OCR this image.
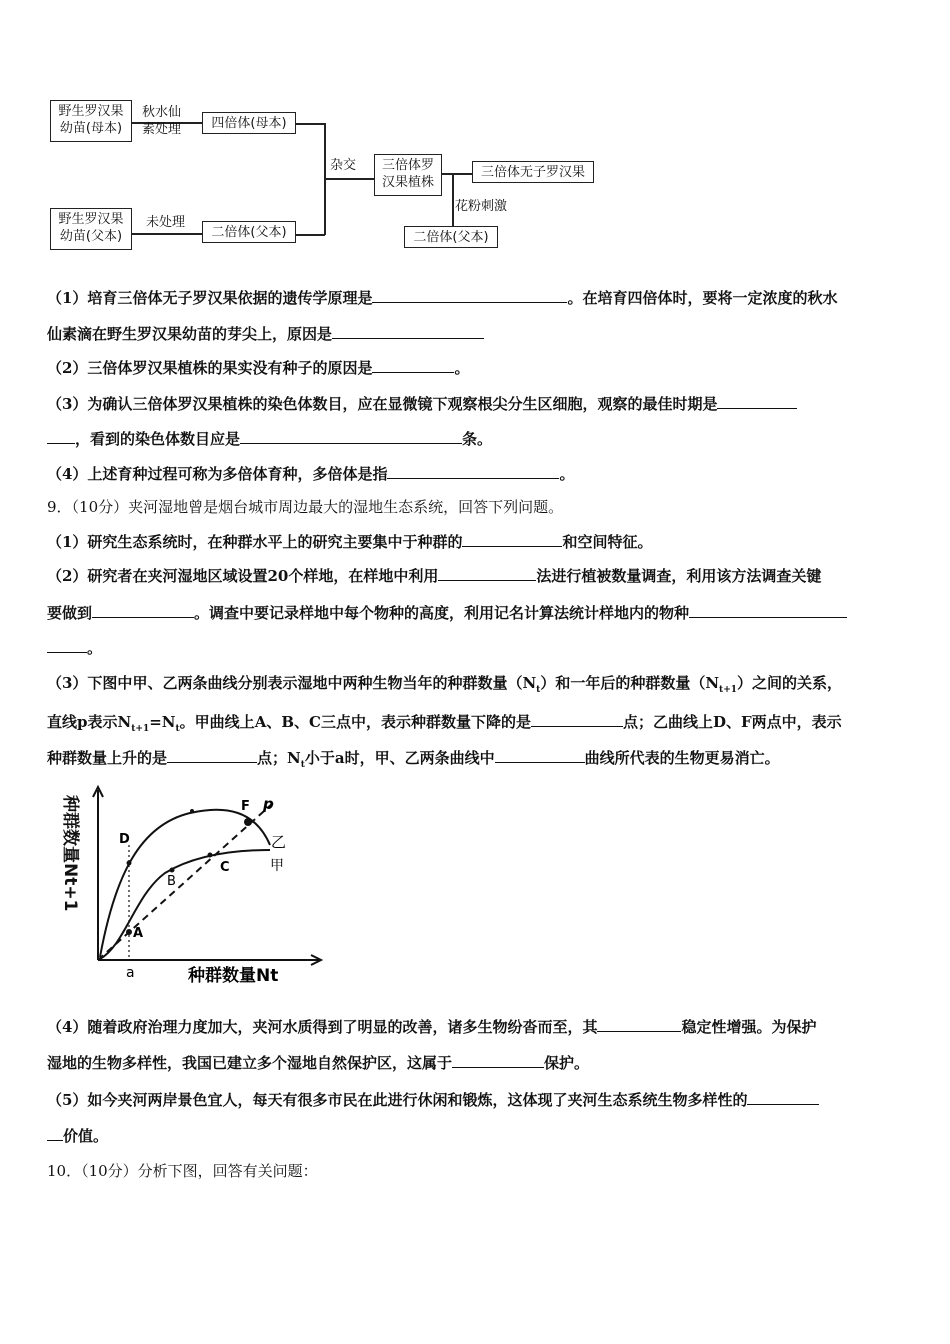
野生罗汉果
幼苗(母本)
秋水仙
素处理	四倍体(母本)
杂交 三倍体罗
汉果植株
三倍体无子罗汉果
花粉刺激
野生罗汉果
幼苗(父本)
未处理
二倍体(父本)	二倍体(父本)
（1）培育三倍体无子罗汉果依据的遗传学原理是	。在培育四倍体时，要将一定浓度的秋水
仙素滴在野生罗汉果幼苗的芽尖上，原因是
（2）三倍体罗汉果植株的果实没有种子的原因是	。
（3）为确认三倍体罗汉果植株的染色体数目，应在显微镜下观察根尖分生区细胞，观察的最佳时期是
，看到的染色体数目应是	条。
（4）上述育种过程可称为多倍体育种，多倍体是指	。
9．（10分）夹河湿地曾是烟台城市周边最大的湿地生态系统，回答下列问题。
（1）研究生态系统时，在种群水平上的研究主要集中于种群的	和空间特征。
（2）研究者在夹河湿地区域设置20个样地，在样地中利用	法进行植被数量调查，利用该方法调查关键
要做到	。调查中要记录样地中每个物种的高度，利用记名计算法统计样地内的物种
。
（3）下图中甲、乙两条曲线分别表示湿地中两种生物当年的种群数量$(N_t)$和一年后的种群数量$(N_{t+1})$之间的关系，
直线p表示$N_{t+1}=N_t$。甲曲线上A、B、C三点中，表示种群数量下降的是	点；乙曲线上D、F两点中，表示
种群数量上升的是	点；$N_t$小于a时，甲、乙两条曲线中	曲线所代表的生物更易消亡。
种群数量Nt+1
A
B
C
D
F p
乙
甲
a	种群数量Nt
（4）随着政府治理力度加大，夹河水质得到了明显的改善，诸多生物纷沓而至，其	稳定性增强。为保护
湿地的生物多样性，我国已建立多个湿地自然保护区，这属于	保护。
（5）如今夹河两岸景色宜人，每天有很多市民在此进行休闲和锻炼，这体现了夹河生态系统生物多样性的
价值。
10．（10分）分析下图，回答有关问题：
